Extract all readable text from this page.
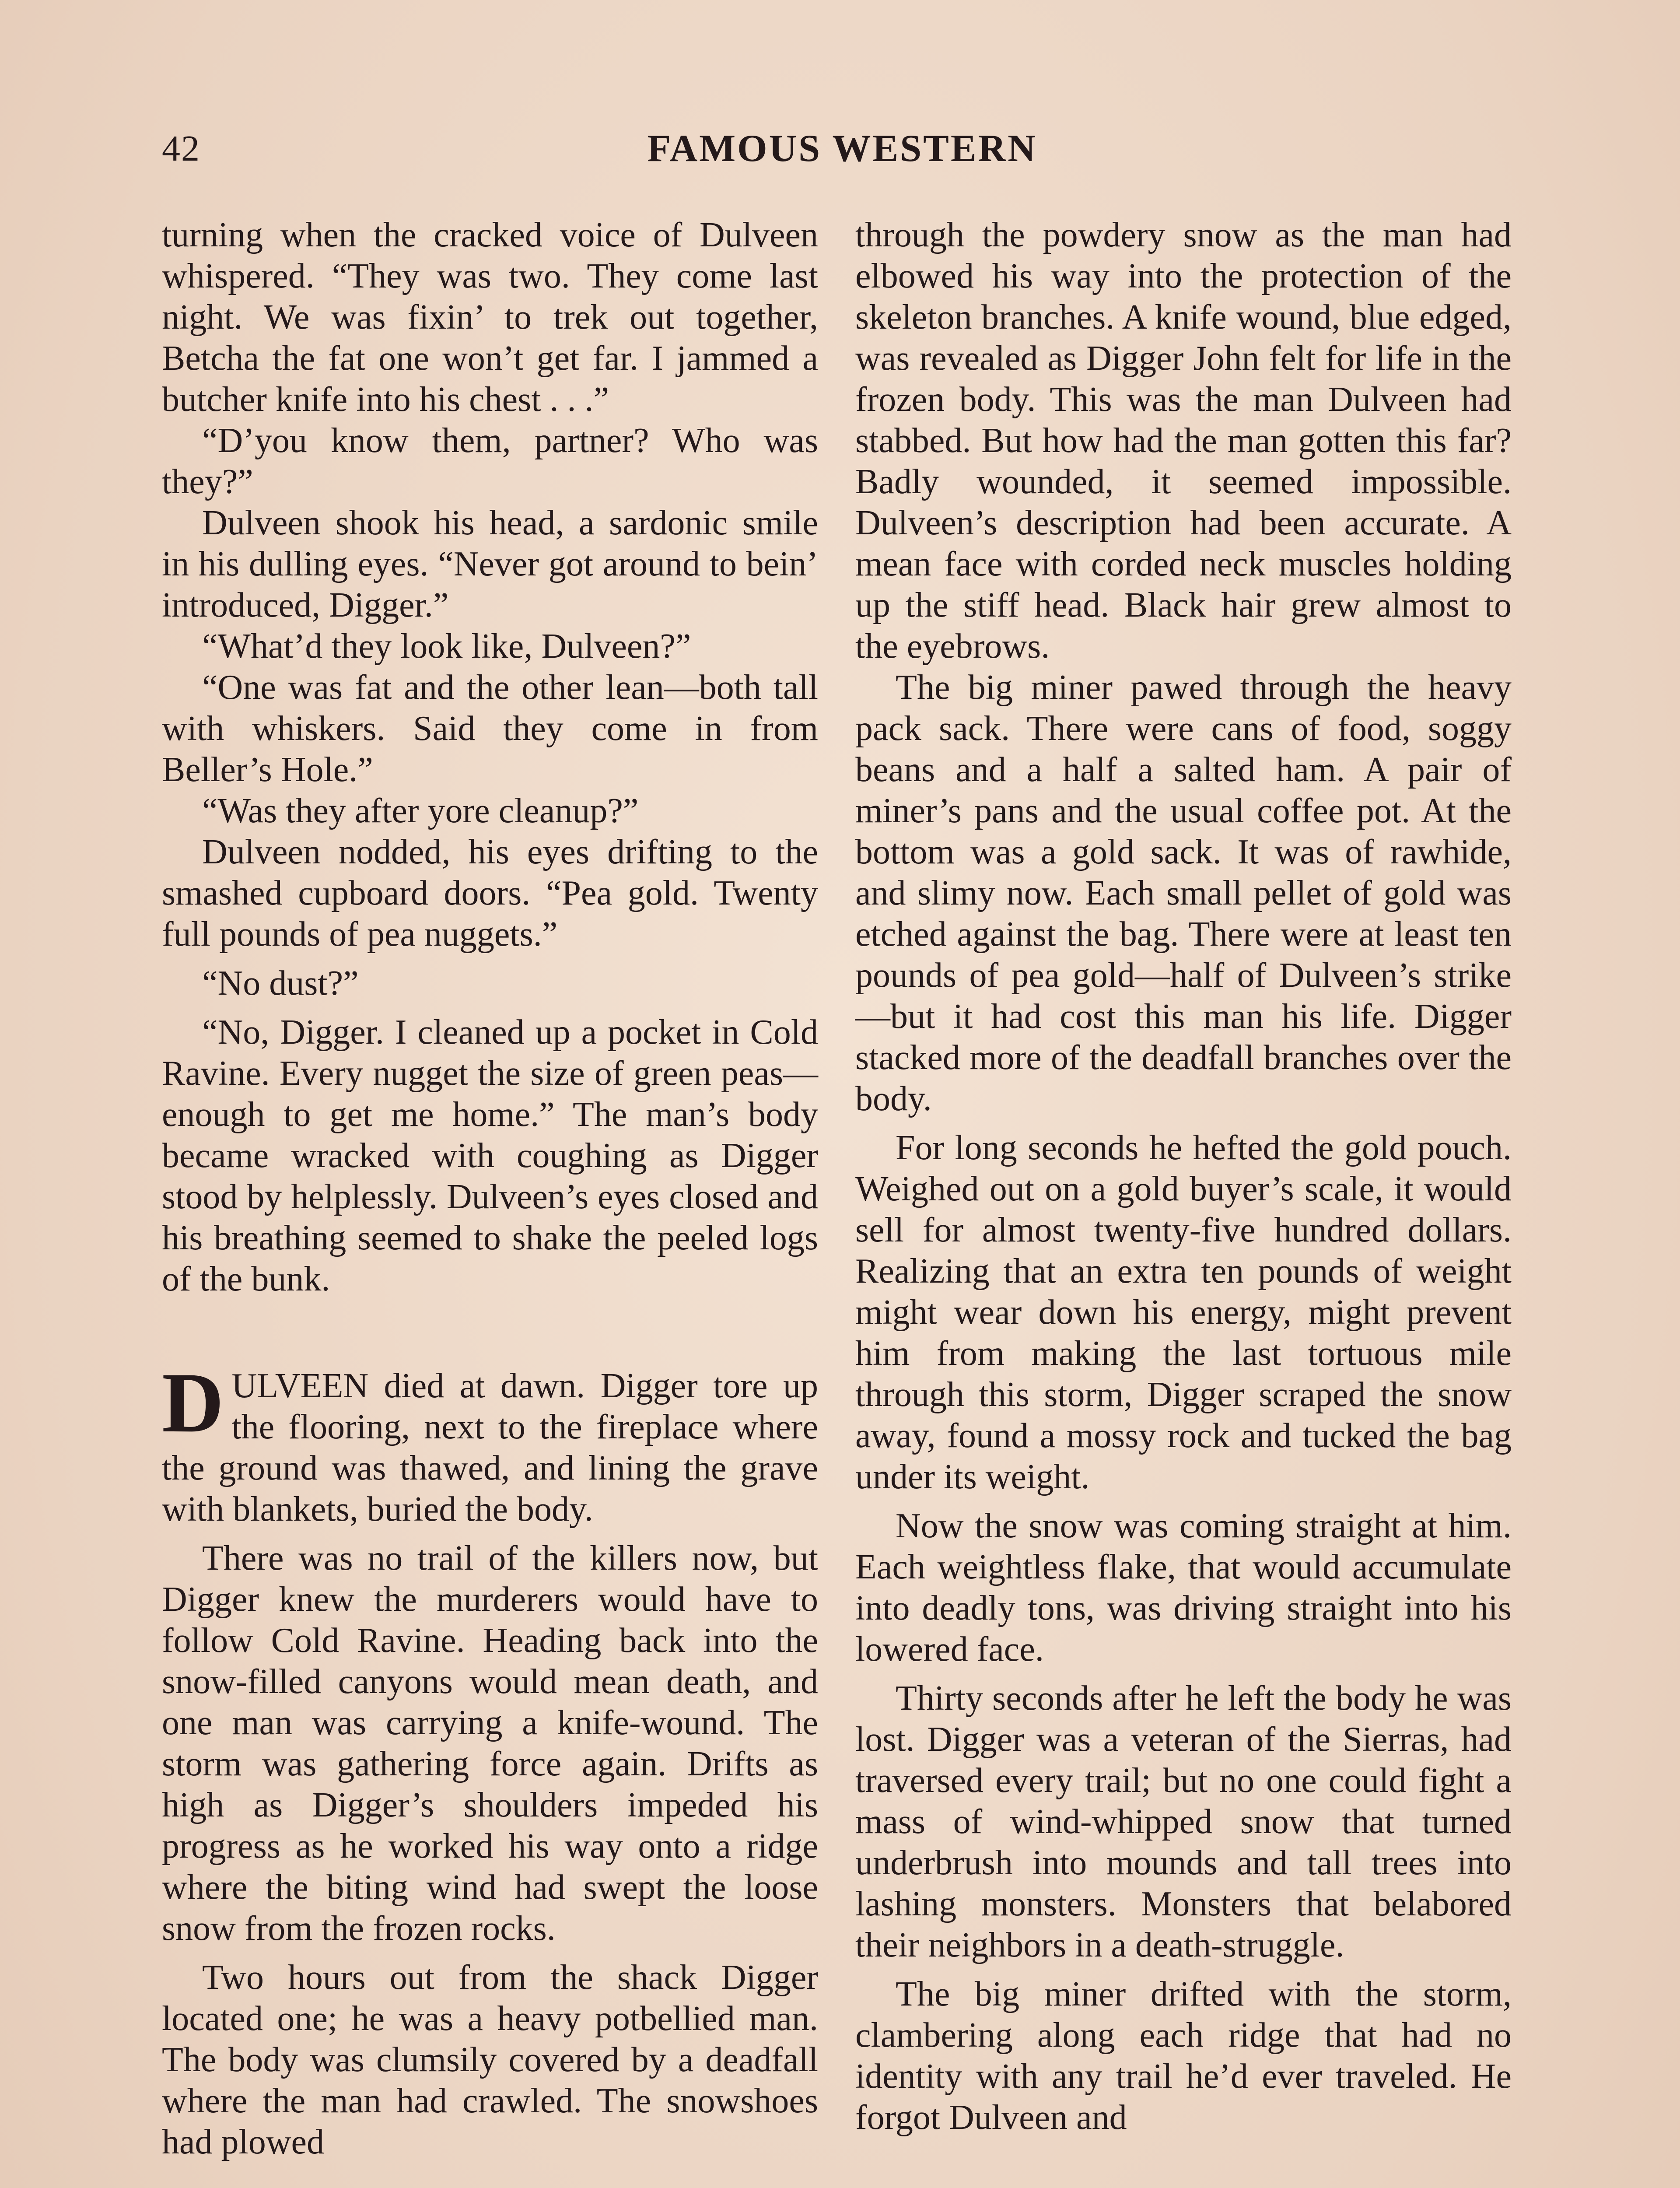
42	FAMOUS WESTERN

turning when the cracked voice of Dulveen whispered. “They was two. They come last night. We was fixin’ to trek out together, Betcha the fat one won’t get far. I jammed a butcher knife into his chest . . .”

“D’you know them, partner? Who was they?”

Dulveen shook his head, a sardonic smile in his dulling eyes. “Never got around to bein’ introduced, Digger.”

“What’d they look like, Dulveen?”

“One was fat and the other lean—both tall with whiskers. Said they come in from Beller’s Hole.”

“Was they after yore cleanup?”

Dulveen nodded, his eyes drifting to the smashed cupboard doors. “Pea gold. Twenty full pounds of pea nuggets.”

“No dust?”

“No, Digger. I cleaned up a pocket in Cold Ravine. Every nugget the size of green peas—enough to get me home.” The man’s body became wracked with coughing as Digger stood by helplessly. Dulveen’s eyes closed and his breathing seemed to shake the peeled logs of the bunk.

DULVEEN died at dawn. Digger tore up the flooring, next to the fireplace where the ground was thawed, and lining the grave with blankets, buried the body.

There was no trail of the killers now, but Digger knew the murderers would have to follow Cold Ravine. Heading back into the snow-filled canyons would mean death, and one man was carrying a knife-wound. The storm was gathering force again. Drifts as high as Digger’s shoulders impeded his progress as he worked his way onto a ridge where the biting wind had swept the loose snow from the frozen rocks.

Two hours out from the shack Digger located one; he was a heavy potbellied man. The body was clumsily covered by a deadfall where the man had crawled. The snowshoes had plowed

through the powdery snow as the man had elbowed his way into the protection of the skeleton branches. A knife wound, blue edged, was revealed as Digger John felt for life in the frozen body. This was the man Dulveen had stabbed. But how had the man gotten this far? Badly wounded, it seemed impossible. Dulveen’s description had been accurate. A mean face with corded neck muscles holding up the stiff head. Black hair grew almost to the eyebrows.

The big miner pawed through the heavy pack sack. There were cans of food, soggy beans and a half a salted ham. A pair of miner’s pans and the usual coffee pot. At the bottom was a gold sack. It was of rawhide, and slimy now. Each small pellet of gold was etched against the bag. There were at least ten pounds of pea gold—half of Dulveen’s strike—but it had cost this man his life. Digger stacked more of the deadfall branches over the body.

For long seconds he hefted the gold pouch. Weighed out on a gold buyer’s scale, it would sell for almost twenty-five hundred dollars. Realizing that an extra ten pounds of weight might wear down his energy, might prevent him from making the last tortuous mile through this storm, Digger scraped the snow away, found a mossy rock and tucked the bag under its weight.

Now the snow was coming straight at him. Each weightless flake, that would accumulate into deadly tons, was driving straight into his lowered face.

Thirty seconds after he left the body he was lost. Digger was a veteran of the Sierras, had traversed every trail; but no one could fight a mass of wind-whipped snow that turned underbrush into mounds and tall trees into lashing monsters. Monsters that belabored their neighbors in a death-struggle.

The big miner drifted with the storm, clambering along each ridge that had no identity with any trail he’d ever traveled. He forgot Dulveen and
